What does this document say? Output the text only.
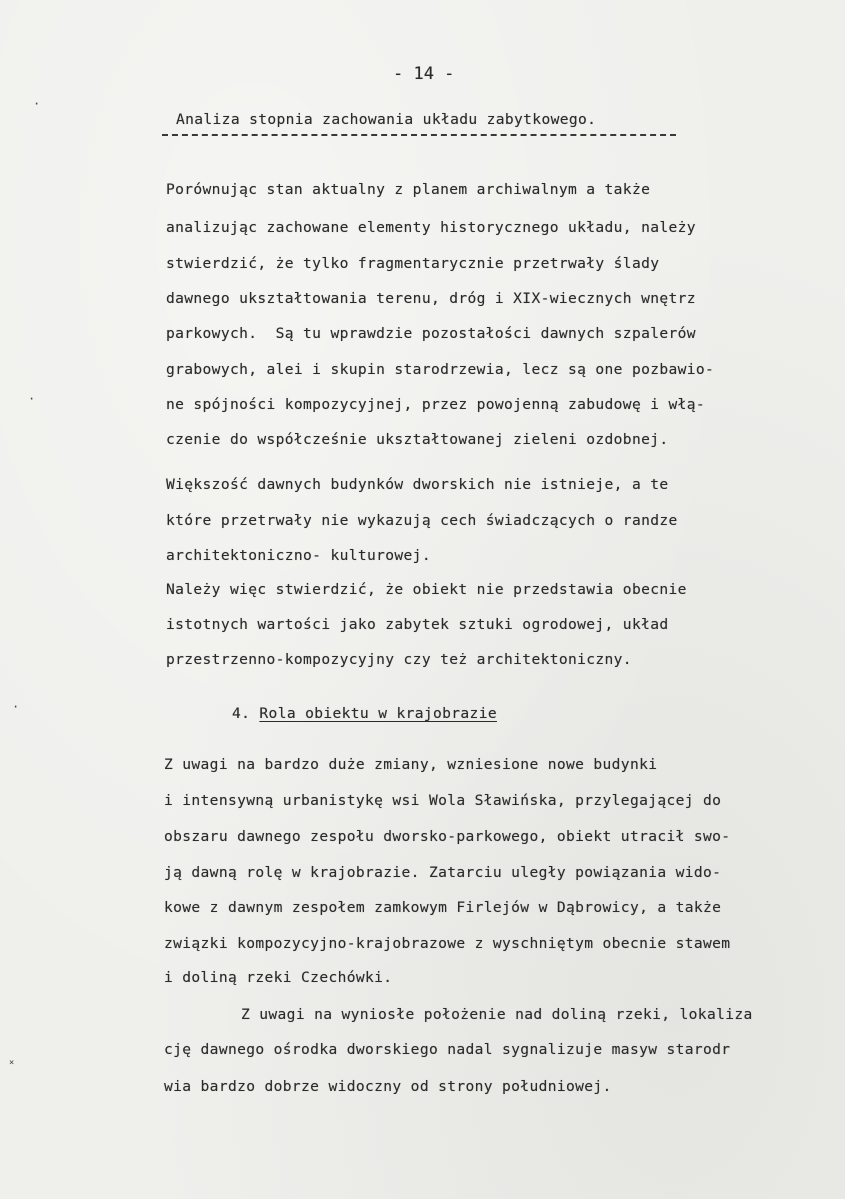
- 14 -
Analiza stopnia zachowania układu zabytkowego.
Porównując stan aktualny z planem archiwalnym a także
analizując zachowane elementy historycznego układu, należy
stwierdzić, że tylko fragmentarycznie przetrwały ślady
dawnego ukształtowania terenu, dróg i XIX-wiecznych wnętrz
parkowych.  Są tu wprawdzie pozostałości dawnych szpalerów
grabowych, alei i skupin starodrzewia, lecz są one pozbawio-
ne spójności kompozycyjnej, przez powojenną zabudowę i włą-
czenie do współcześnie ukształtowanej zieleni ozdobnej.
Większość dawnych budynków dworskich nie istnieje, a te
które przetrwały nie wykazują cech świadczących o randze
architektoniczno- kulturowej.
Należy więc stwierdzić, że obiekt nie przedstawia obecnie
istotnych wartości jako zabytek sztuki ogrodowej, układ
przestrzenno-kompozycyjny czy też architektoniczny.
4. Rola obiektu w krajobrazie
Z uwagi na bardzo duże zmiany, wzniesione nowe budynki
i intensywną urbanistykę wsi Wola Sławińska, przylegającej do
obszaru dawnego zespołu dworsko-parkowego, obiekt utracił swo-
ją dawną rolę w krajobrazie. Zatarciu uległy powiązania wido-
kowe z dawnym zespołem zamkowym Firlejów w Dąbrowicy, a także
związki kompozycyjno-krajobrazowe z wyschniętym obecnie stawem
i doliną rzeki Czechówki.
Z uwagi na wyniosłe położenie nad doliną rzeki, lokaliza
cję dawnego ośrodka dworskiego nadal sygnalizuje masyw starodr
wia bardzo dobrze widoczny od strony południowej.
·
·
·
˟
